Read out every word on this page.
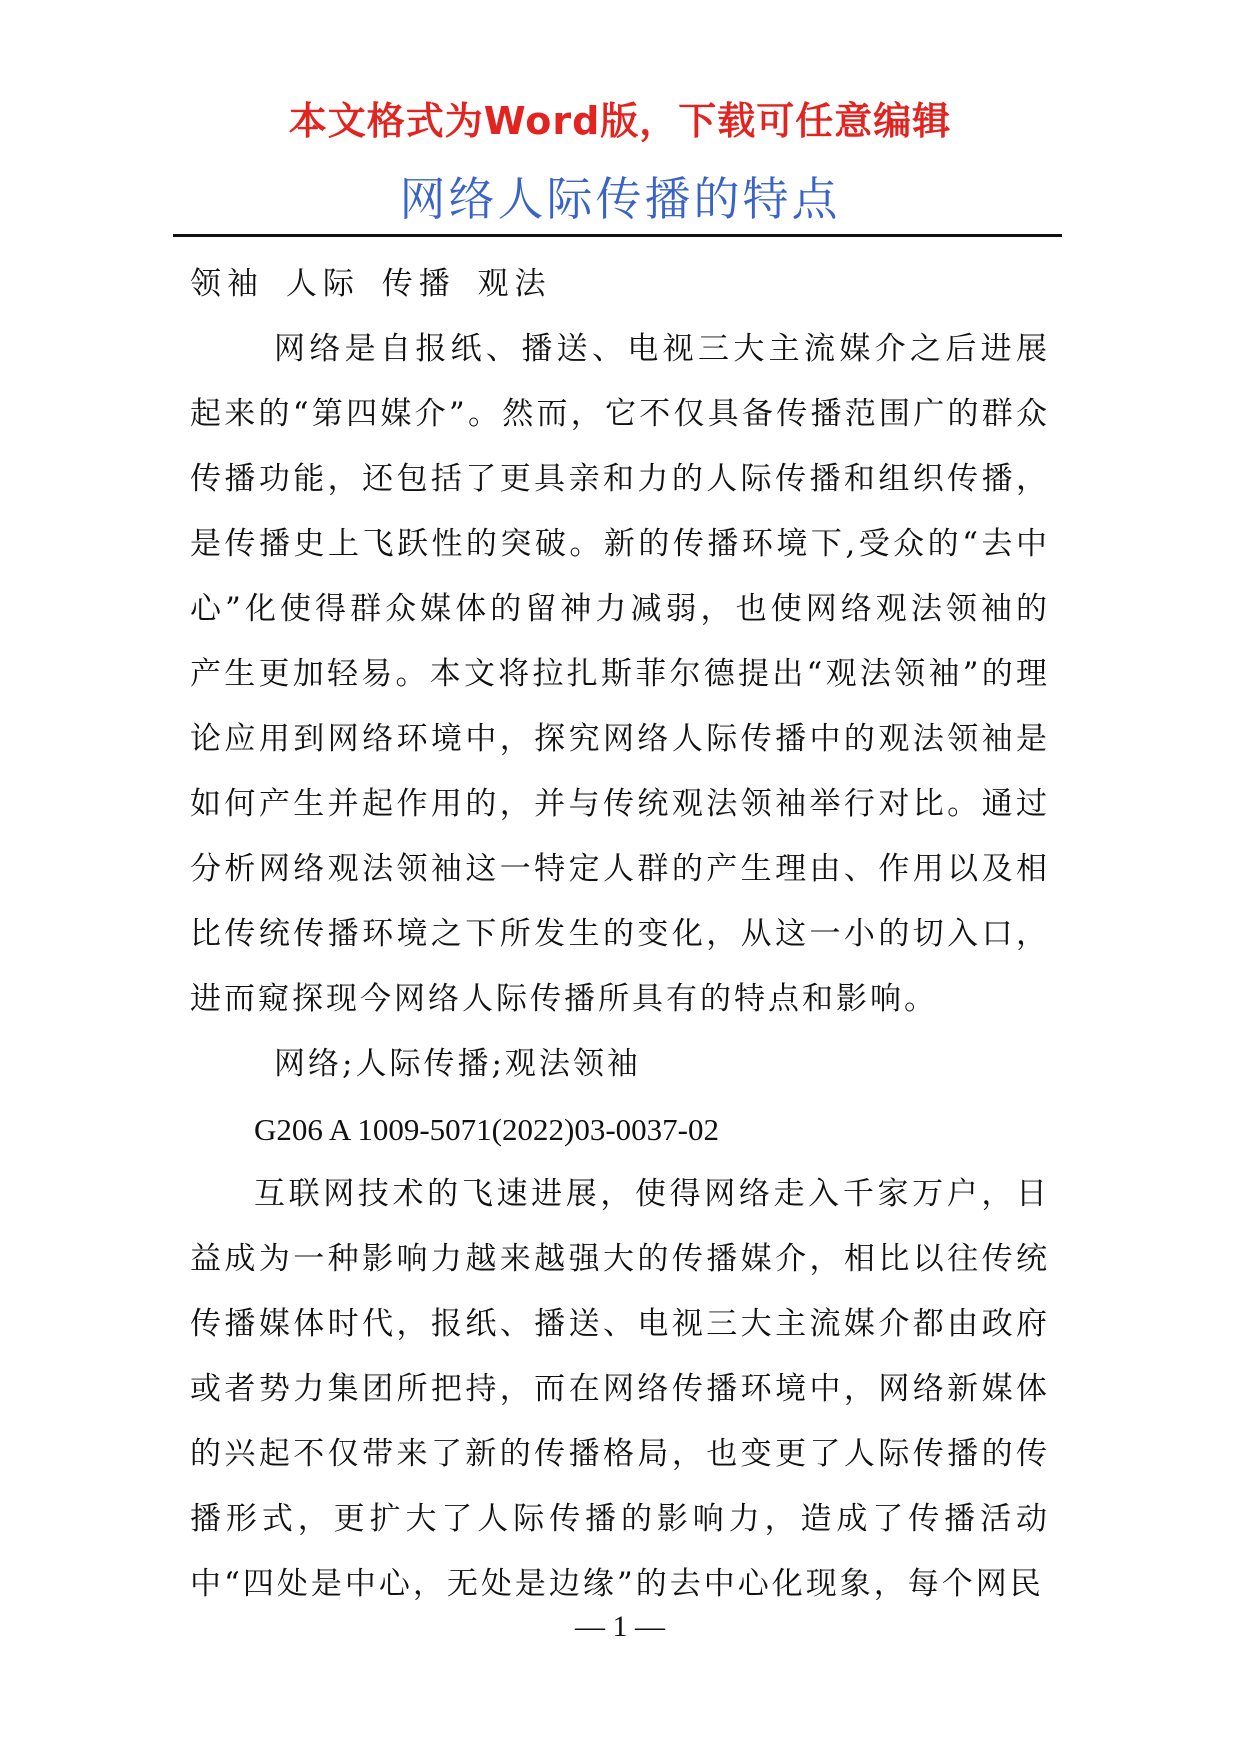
本文格式为Word版，下载可任意编辑
网络人际传播的特点

领袖 人际 传播 观法

网络是自报纸、播送、电视三大主流媒介之后进展起来的“第四媒介”。然而，它不仅具备传播范围广的群众传播功能，还包括了更具亲和力的人际传播和组织传播，是传播史上飞跃性的突破。新的传播环境下,受众的“去中心”化使得群众媒体的留神力减弱，也使网络观法领袖的产生更加轻易。本文将拉扎斯菲尔德提出“观法领袖”的理论应用到网络环境中，探究网络人际传播中的观法领袖是如何产生并起作用的，并与传统观法领袖举行对比。通过分析网络观法领袖这一特定人群的产生理由、作用以及相比传统传播环境之下所发生的变化，从这一小的切入口，进而窥探现今网络人际传播所具有的特点和影响。

网络;人际传播;观法领袖

G206 A 1009-5071(2022)03-0037-02

互联网技术的飞速进展，使得网络走入千家万户，日益成为一种影响力越来越强大的传播媒介，相比以往传统传播媒体时代，报纸、播送、电视三大主流媒介都由政府或者势力集团所把持，而在网络传播环境中，网络新媒体的兴起不仅带来了新的传播格局，也变更了人际传播的传播形式，更扩大了人际传播的影响力，造成了传播活动中“四处是中心，无处是边缘”的去中心化现象，每个网民

— 1 —
